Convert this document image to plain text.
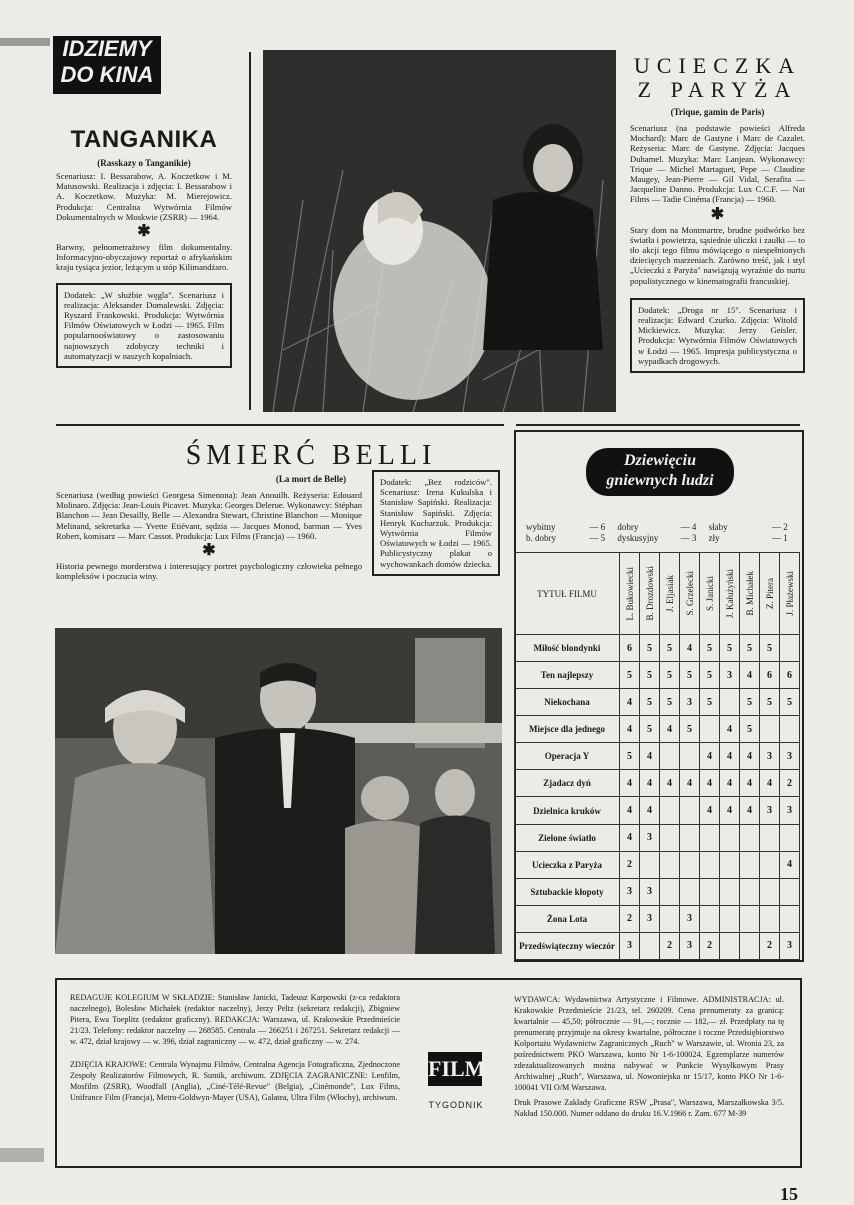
IDZIEMY
DO KINA
TANGANIKA
(Rasskazy o Tanganikie)
Scenariusz: I. Bessarabow, A. Koczetkow i M. Matusowski. Realizacja i zdjęcia: I. Bessarabow i A. Koczetkow. Muzyka: M. Mierejowicz. Produkcja: Centralna Wytwórnia Filmów Dokumentalnych w Moskwie (ZSRR) — 1964.
✱
Barwny, pełnometrażowy film dokumentalny. Informacyjno-obyczajowy reportaż o afrykańskim kraju tysiąca jezior, leżącym u stóp Kilimandżaro.
Dodatek: „W służbie węgla". Scenariusz i realizacja: Aleksander Domalewski. Zdjęcia: Ryszard Frankowski. Produkcja: Wytwórnia Filmów Oświatowych w Łodzi — 1965. Film popularnooświatowy o zastosowaniu najnowszych zdobyczy techniki i automatyzacji w naszych kopalniach.
UCIECZKA
Z PARYŻA
(Trique, gamin de Paris)
Scenariusz (na podstawie powieści Alfreda Mochard): Marc de Gastyne i Marc de Cazalet. Reżyseria: Marc de Gastyne. Zdjęcia: Jacques Duhamel. Muzyka: Marc Lanjean. Wykonawcy: Trique — Michel Martaguet, Pepe — Claudine Maugey, Jean-Pierre — Gil Vidal, Serafita — Jacqueline Danno. Produkcja: Lux C.C.F. — Nat Films — Tadie Cinéma (Francja) — 1960.
✱
Stary dom na Montmartre, brudne podwórko bez światła i powietrza, sąsiednie uliczki i zaułki — to tło akcji tego filmu mówiącego o niespełnionych dziecięcych marzeniach. Zarówno treść, jak i styl „Ucieczki z Paryża" nawiązują wyraźnie do nurtu populistycznego w kinematografii francuskiej.
Dodatek: „Droga nr 15". Scenariusz i realizacja: Edward Czurko. Zdjęcia: Witold Mickiewicz. Muzyka: Jerzy Geisler. Produkcja: Wytwórnia Filmów Oświatowych w Łodzi — 1965. Impresja publicystyczna o wypadkach drogowych.
ŚMIERĆ BELLI
(La mort de Belle)
Scenariusz (według powieści Georgesa Simenona): Jean Anouilh. Reżyseria: Edouard Molinaro. Zdjęcia: Jean-Louis Picavet. Muzyka: Georges Delerue. Wykonawcy: Stéphan Blanchon — Jean Desailly, Belle — Alexandra Stewart, Christine Blanchon — Monique Melinand, sekretarka — Yvette Etiévant, sędzia — Jacques Monod, barman — Yves Robert, komisarz — Marc Cassot. Produkcja: Lux Films (Francja) — 1960.
✱
Historia pewnego morderstwa i interesujący portret psychologiczny człowieka pełnego kompleksów i poczucia winy.
Dodatek: „Bez rodziców". Scenariusz: Irena Kukulska i Stanisław Sapiński. Realizacja: Stanisław Sapiński. Zdjęcia: Henryk Kucharzuk. Produkcja: Wytwórnia Filmów Oświatowych w Łodzi — 1965. Publicystyczny plakat o wychowankach domów dziecka.
Dziewięciu
gniewnych ludzi
wybitny	— 6	dobry	— 4	słaby	— 2
b. dobry	— 5	dyskusyjny	— 3	zły	— 1
TYTUŁ FILMU	L. Bukowiecki	B. Drozdowski	J. Eljasiak	S. Grzelecki	S. Janicki	J. Kałużyński	B. Michałek	Z. Pitera	J. Płażewski

Miłość blondynki	6	5	5	4	5	5	5	5	
Ten najlepszy	5	5	5	5	5	3	4	6	6
Niekochana	4	5	5	3	5		5	5	5
Miejsce dla jednego	4	5	4	5		4	5		
Operacja Y	5	4			4	4	4	3	3
Zjadacz dyń	4	4	4	4	4	4	4	4	2
Dzielnica kruków	4	4			4	4	4	3	3
Zielone światło	4	3							
Ucieczka z Paryża	2								4
Sztubackie kłopoty	3	3							
Żona Lota	2	3		3					
Przedświąteczny wieczór	3		2	3	2			2	3
REDAGUJE KOLEGIUM W SKŁADZIE: Stanisław Janicki, Tadeusz Karpowski (z-ca redaktora naczelnego), Bolesław Michałek (redaktor naczelny), Jerzy Peltz (sekretarz redakcji), Zbigniew Pitera, Ewa Toeplitz (redaktor graficzny). REDAKCJA: Warszawa, ul. Krakowskie Przedmieście 21/23. Telefony: redaktor naczelny — 268585. Centrala — 266251 i 267251. Sekretarz redakcji — w. 472, dział krajowy — w. 396, dział zagraniczny — w. 472, dział graficzny — w. 274.
ZDJĘCIA KRAJOWE: Centrala Wynajmu Filmów, Centralna Agencja Fotograficzna, Zjednoczone Zespoły Realizatorów Filmowych, R. Sumik, archiwum. ZDJĘCIA ZAGRANICZNE: Lenfilm, Mosfilm (ZSRR), Woodfall (Anglia), „Ciné-Télé-Revue" (Belgia), „Cinémonde", Lux Films, Unifrance Film (Francja), Metro-Goldwyn-Mayer (USA), Galatea, Ultra Film (Włochy), archiwum.
FILM
TYGODNIK
WYDAWCA: Wydawnictwa Artystyczne i Filmowe. ADMINISTRACJA: ul. Krakowskie Przedmieście 21/23, tel. 260209. Cena prenumeraty za granicą: kwartalnie — 45,50; półrocznie — 91,—; rocznie — 182,— zł. Przedpłaty na tę prenumeratę przyjmuje na okresy kwartalne, półroczne i roczne Przedsiębiorstwo Kolportażu Wydawnictw Zagranicznych „Ruch" w Warszawie, ul. Wronia 23, za pośrednictwem PKO Warszawa, konto Nr 1-6-100024. Egzemplarze numerów zdezaktualizowanych można nabywać w Punkcie Wysyłkowym Prasy Archiwalnej „Ruch", Warszawa, ul. Nowoniejska nr 15/17, konto PKO Nr 1-6-100041 VII O/M Warszawa.
Druk Prasowe Zakłady Graficzne RSW „Prasa", Warszawa, Marszałkowska 3/5. Nakład 150.000. Numer oddano do druku 16.V.1966 r. Zam. 677 M-39
15
